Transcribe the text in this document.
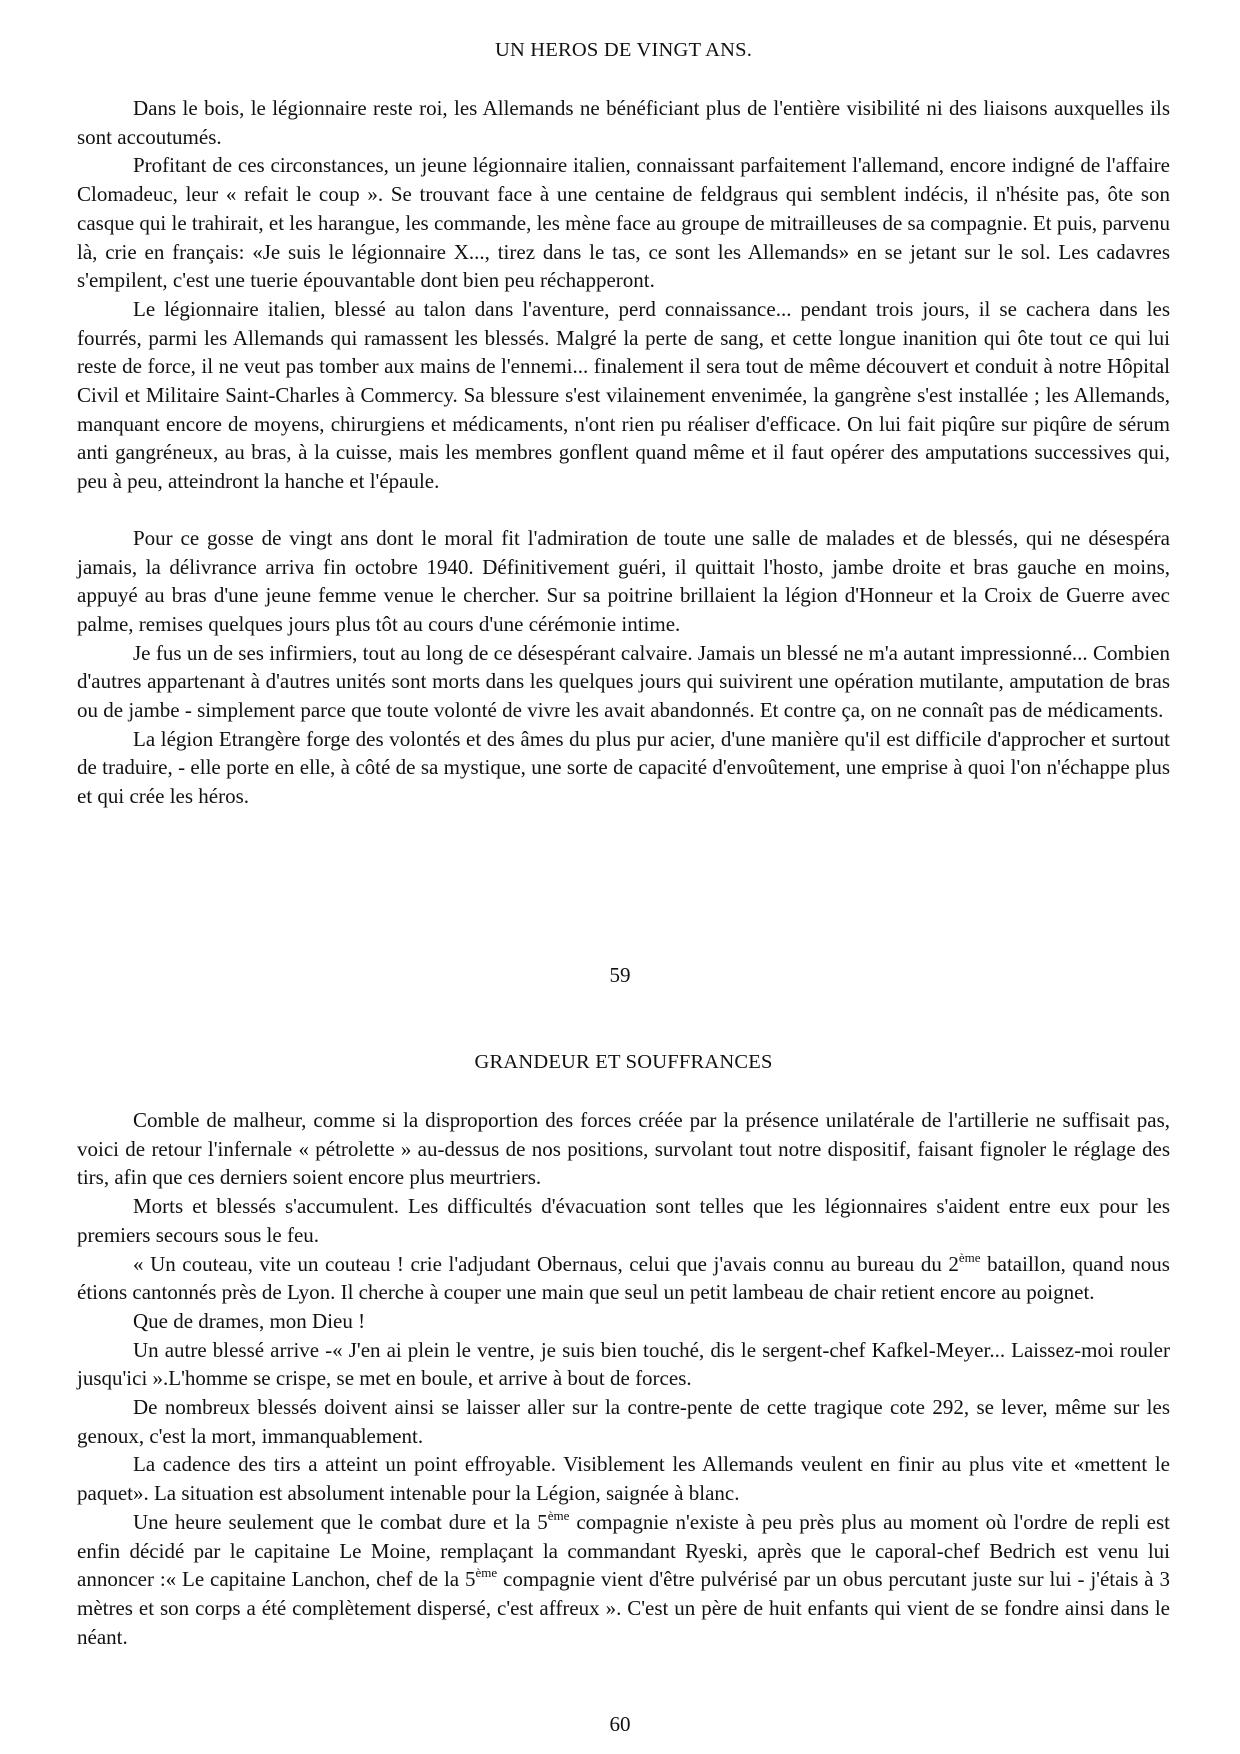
UN HEROS DE VINGT ANS.

Dans le bois, le légionnaire reste roi, les Allemands ne bénéficiant plus de l'entière visibilité ni des liaisons auxquelles ils sont accoutumés.

Profitant de ces circonstances, un jeune légionnaire italien, connaissant parfaitement l'allemand, encore indigné de l'affaire Clomadeuc, leur « refait le coup ». Se trouvant face à une centaine de feldgraus qui semblent indécis, il n'hésite pas, ôte son casque qui le trahirait, et les harangue, les commande, les mène face au groupe de mitrailleuses de sa compagnie. Et puis, parvenu là, crie en français: «Je suis le légionnaire X..., tirez dans le tas, ce sont les Allemands» en se jetant sur le sol. Les cadavres s'empilent, c'est une tuerie épouvantable dont bien peu réchapperont.

Le légionnaire italien, blessé au talon dans l'aventure, perd connaissance... pendant trois jours, il se cachera dans les fourrés, parmi les Allemands qui ramassent les blessés. Malgré la perte de sang, et cette longue inanition qui ôte tout ce qui lui reste de force, il ne veut pas tomber aux mains de l'ennemi... finalement il sera tout de même découvert et conduit à notre Hôpital Civil et Militaire Saint-Charles à Commercy. Sa blessure s'est vilainement envenimée, la gangrène s'est installée ; les Allemands, manquant encore de moyens, chirurgiens et médicaments, n'ont rien pu réaliser d'efficace. On lui fait piqûre sur piqûre de sérum anti gangréneux, au bras, à la cuisse, mais les membres gonflent quand même et il faut opérer des amputations successives qui, peu à peu, atteindront la hanche et l'épaule.

Pour ce gosse de vingt ans dont le moral fit l'admiration de toute une salle de malades et de blessés, qui ne désespéra jamais, la délivrance arriva fin octobre 1940. Définitivement guéri, il quittait l'hosto, jambe droite et bras gauche en moins, appuyé au bras d'une jeune femme venue le chercher. Sur sa poitrine brillaient la légion d'Honneur et la Croix de Guerre avec palme, remises quelques jours plus tôt au cours d'une cérémonie intime.

Je fus un de ses infirmiers, tout au long de ce désespérant calvaire. Jamais un blessé ne m'a autant impressionné... Combien d'autres appartenant à d'autres unités sont morts dans les quelques jours qui suivirent une opération mutilante, amputation de bras ou de jambe - simplement parce que toute volonté de vivre les avait abandonnés. Et contre ça, on ne connaît pas de médicaments.

La légion Etrangère forge des volontés et des âmes du plus pur acier, d'une manière qu'il est difficile d'approcher et surtout de traduire, - elle porte en elle, à côté de sa mystique, une sorte de capacité d'envoûtement, une emprise à quoi l'on n'échappe plus et qui crée les héros.

59
GRANDEUR ET SOUFFRANCES

Comble de malheur, comme si la disproportion des forces créée par la présence unilatérale de l'artillerie ne suffisait pas, voici de retour l'infernale « pétrolette » au-dessus de nos positions, survolant tout notre dispositif, faisant fignoler le réglage des tirs, afin que ces derniers soient encore plus meurtriers.

Morts et blessés s'accumulent. Les difficultés d'évacuation sont telles que les légionnaires s'aident entre eux pour les premiers secours sous le feu.

« Un couteau, vite un couteau ! crie l'adjudant Obernaus, celui que j'avais connu au bureau du 2ème bataillon, quand nous étions cantonnés près de Lyon. Il cherche à couper une main que seul un petit lambeau de chair retient encore au poignet.

Que de drames, mon Dieu !

Un autre blessé arrive -« J'en ai plein le ventre, je suis bien touché, dis le sergent-chef Kafkel-Meyer... Laissez-moi rouler jusqu'ici ».L'homme se crispe, se met en boule, et arrive à bout de forces.

De nombreux blessés doivent ainsi se laisser aller sur la contre-pente de cette tragique cote 292, se lever, même sur les genoux, c'est la mort, immanquablement.

La cadence des tirs a atteint un point effroyable. Visiblement les Allemands veulent en finir au plus vite et «mettent le paquet». La situation est absolument intenable pour la Légion, saignée à blanc.

Une heure seulement que le combat dure et la 5ème compagnie n'existe à peu près plus au moment où l'ordre de repli est enfin décidé par le capitaine Le Moine, remplaçant la commandant Ryeski, après que le caporal-chef Bedrich est venu lui annoncer :« Le capitaine Lanchon, chef de la 5ème compagnie vient d'être pulvérisé par un obus percutant juste sur lui - j'étais à 3 mètres et son corps a été complètement dispersé, c'est affreux ». C'est un père de huit enfants qui vient de se fondre ainsi dans le néant.

60
